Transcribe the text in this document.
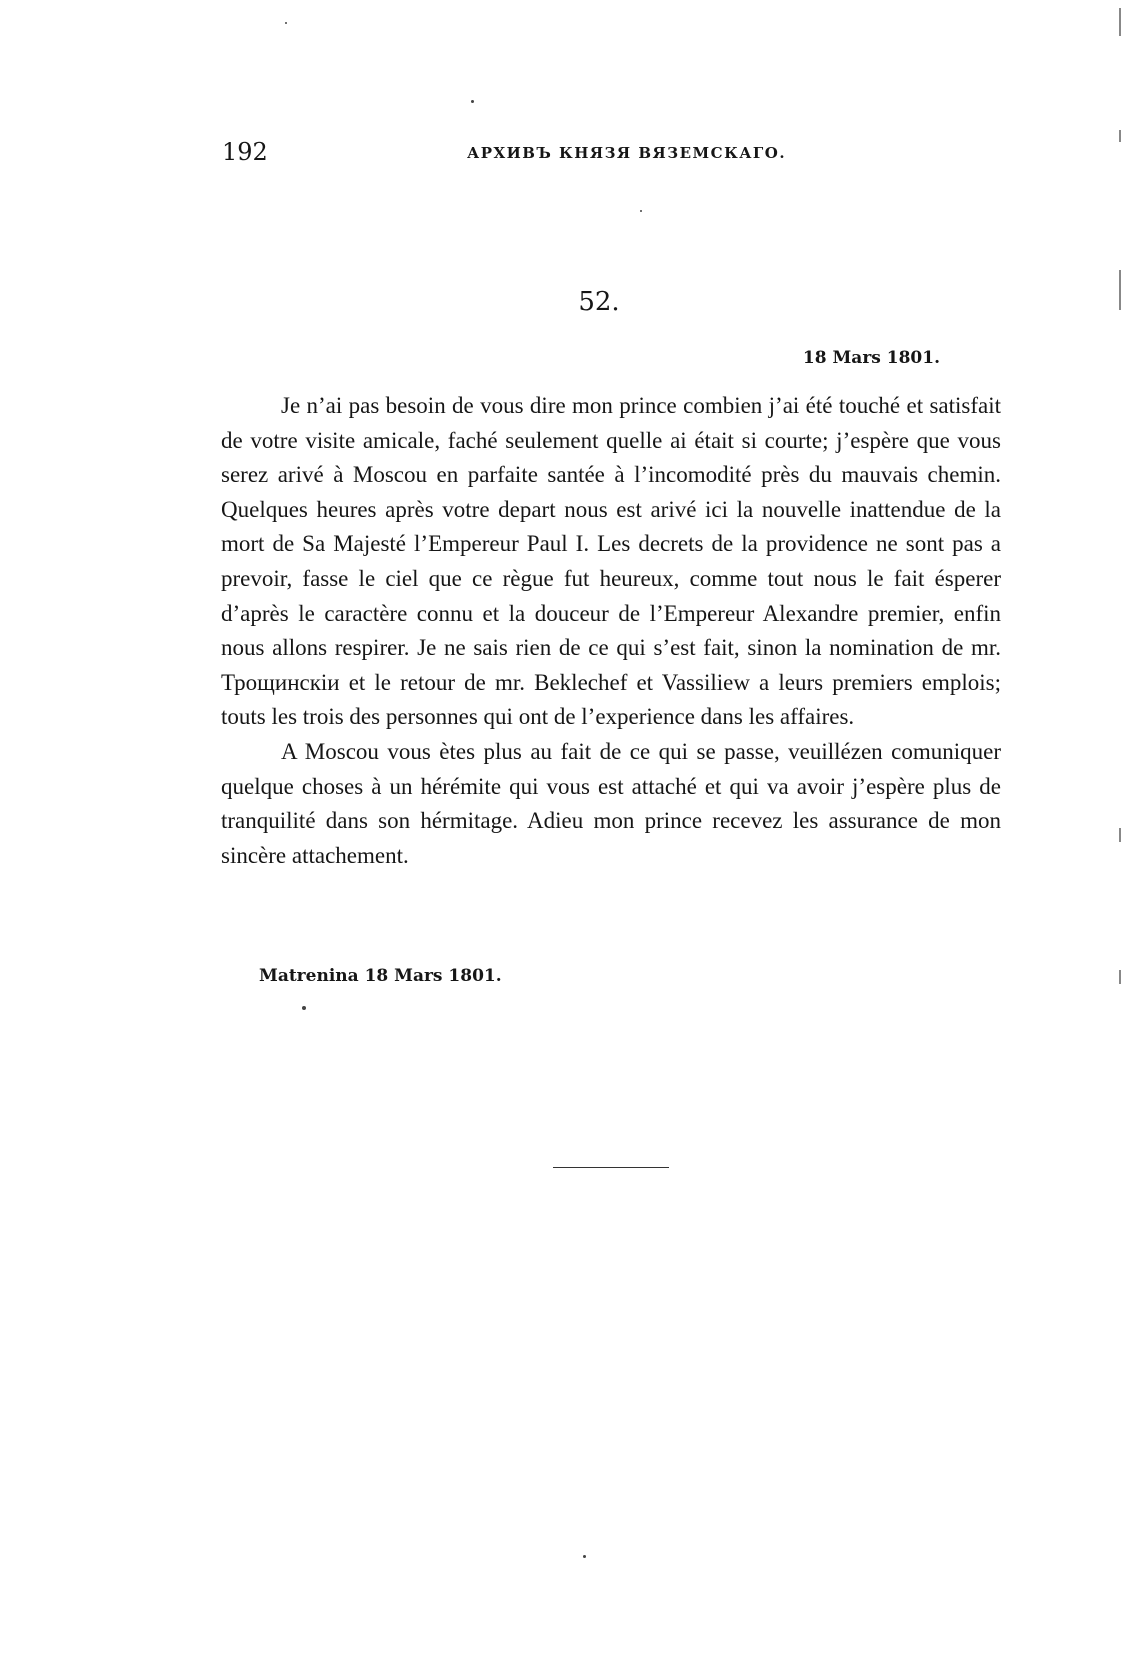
192	АРХИВЪ КНЯЗЯ ВЯЗЕМСКАГО.
52.
18 Mars 1801.

Je n’ai pas besoin de vous dire mon prince combien j’ai été touché et satisfait de votre visite amicale, faché seulement quelle ai était si courte; j’espère que vous serez arivé à Moscou en parfaite santée à l’incomodité près du mauvais chemin. Quelques heures après votre depart nous est arivé ici la nouvelle inattendue de la mort de Sa Majesté l’Empereur Paul I. Les decrets de la providence ne sont pas a prevoir, fasse le ciel que ce règue fut heureux, comme tout nous le fait ésperer d’après le caractère connu et la douceur de l’Empereur Alexandre premier, enfin nous allons respirer. Je ne sais rien de ce qui s’est fait, sinon la nomination de mr. Трощинскiи et le retour de mr. Beklechef et Vassiliew a leurs premiers emplois; touts les trois des personnes qui ont de l’experience dans les affaires.

A Moscou vous ètes plus au fait de ce qui se passe, veuillézen comuniquer quelque choses à un hérémite qui vous est attaché et qui va avoir j’espère plus de tranquilité dans son hérmitage. Adieu mon prince recevez les assurance de mon sincère attachement.

Matrenina 18 Mars 1801.
